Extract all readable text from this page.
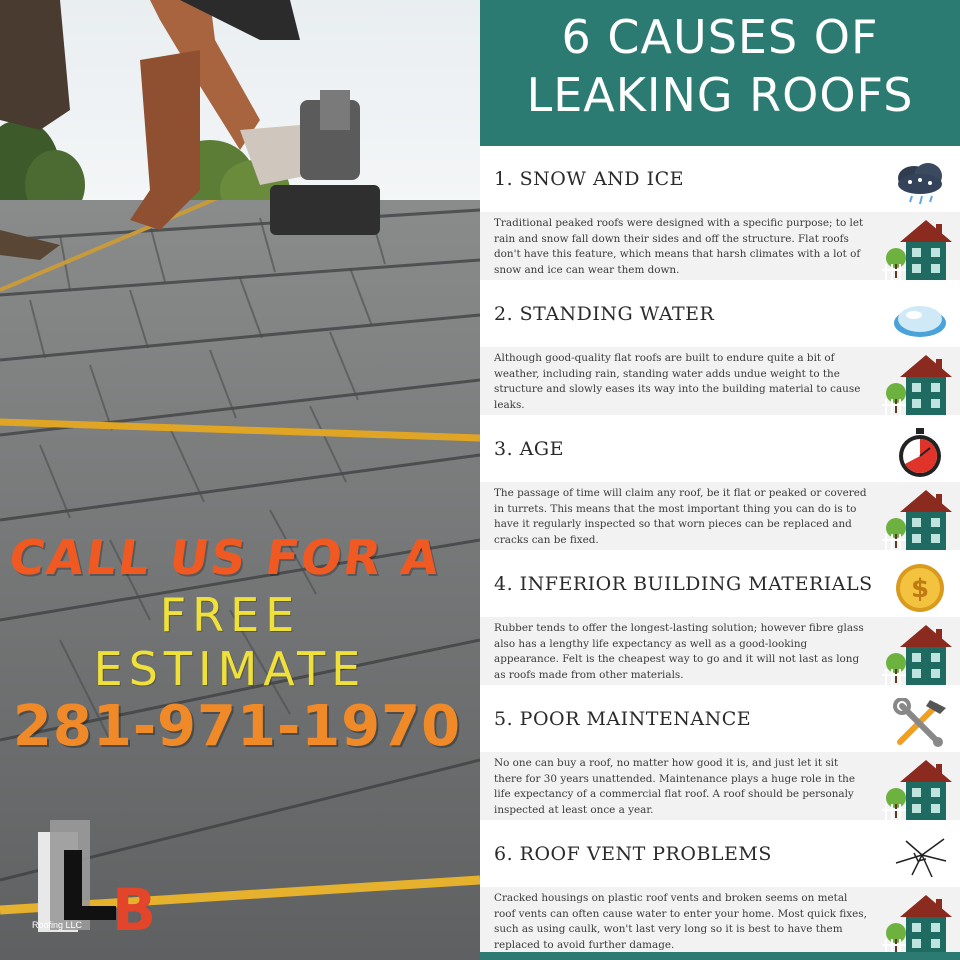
CALL US FOR A
FREE
ESTIMATE
281-971-1970
B
Roofing LLC
6 CAUSES OF
LEAKING ROOFS
1. SNOW AND ICE
Traditional peaked roofs were designed with a specific purpose; to let rain and snow fall down their sides and off the structure. Flat roofs don't have this feature, which means that harsh climates with a lot of snow and ice can wear them down.
2. STANDING WATER
Although good-quality flat roofs are built to endure quite a bit of weather, including rain, standing water adds undue weight to the structure and slowly eases its way into the building material to cause leaks.
3. AGE
The passage of time will claim any roof, be it flat or peaked or covered in turrets. This means that the most important thing you can do is to have it regularly inspected so that worn pieces can be replaced and cracks can be fixed.
4. INFERIOR BUILDING MATERIALS
Rubber tends to offer the longest-lasting solution; however fibre glass also has a lengthy life expectancy as well as a good-looking appearance. Felt is the cheapest way to go and it will not last as long as roofs made from other materials.
$
5. POOR MAINTENANCE
No one can buy a roof, no matter how good it is, and just let it sit there for 30 years unattended. Maintenance plays a huge role in the life expectancy of a commercial flat roof. A roof should be personaly inspected at least once a year.
6. ROOF VENT PROBLEMS
Cracked housings on plastic roof vents and broken seems on metal roof vents can often cause water to enter your home. Most quick fixes, such as using caulk, won't last very long so it is best to have them replaced to avoid further damage.
